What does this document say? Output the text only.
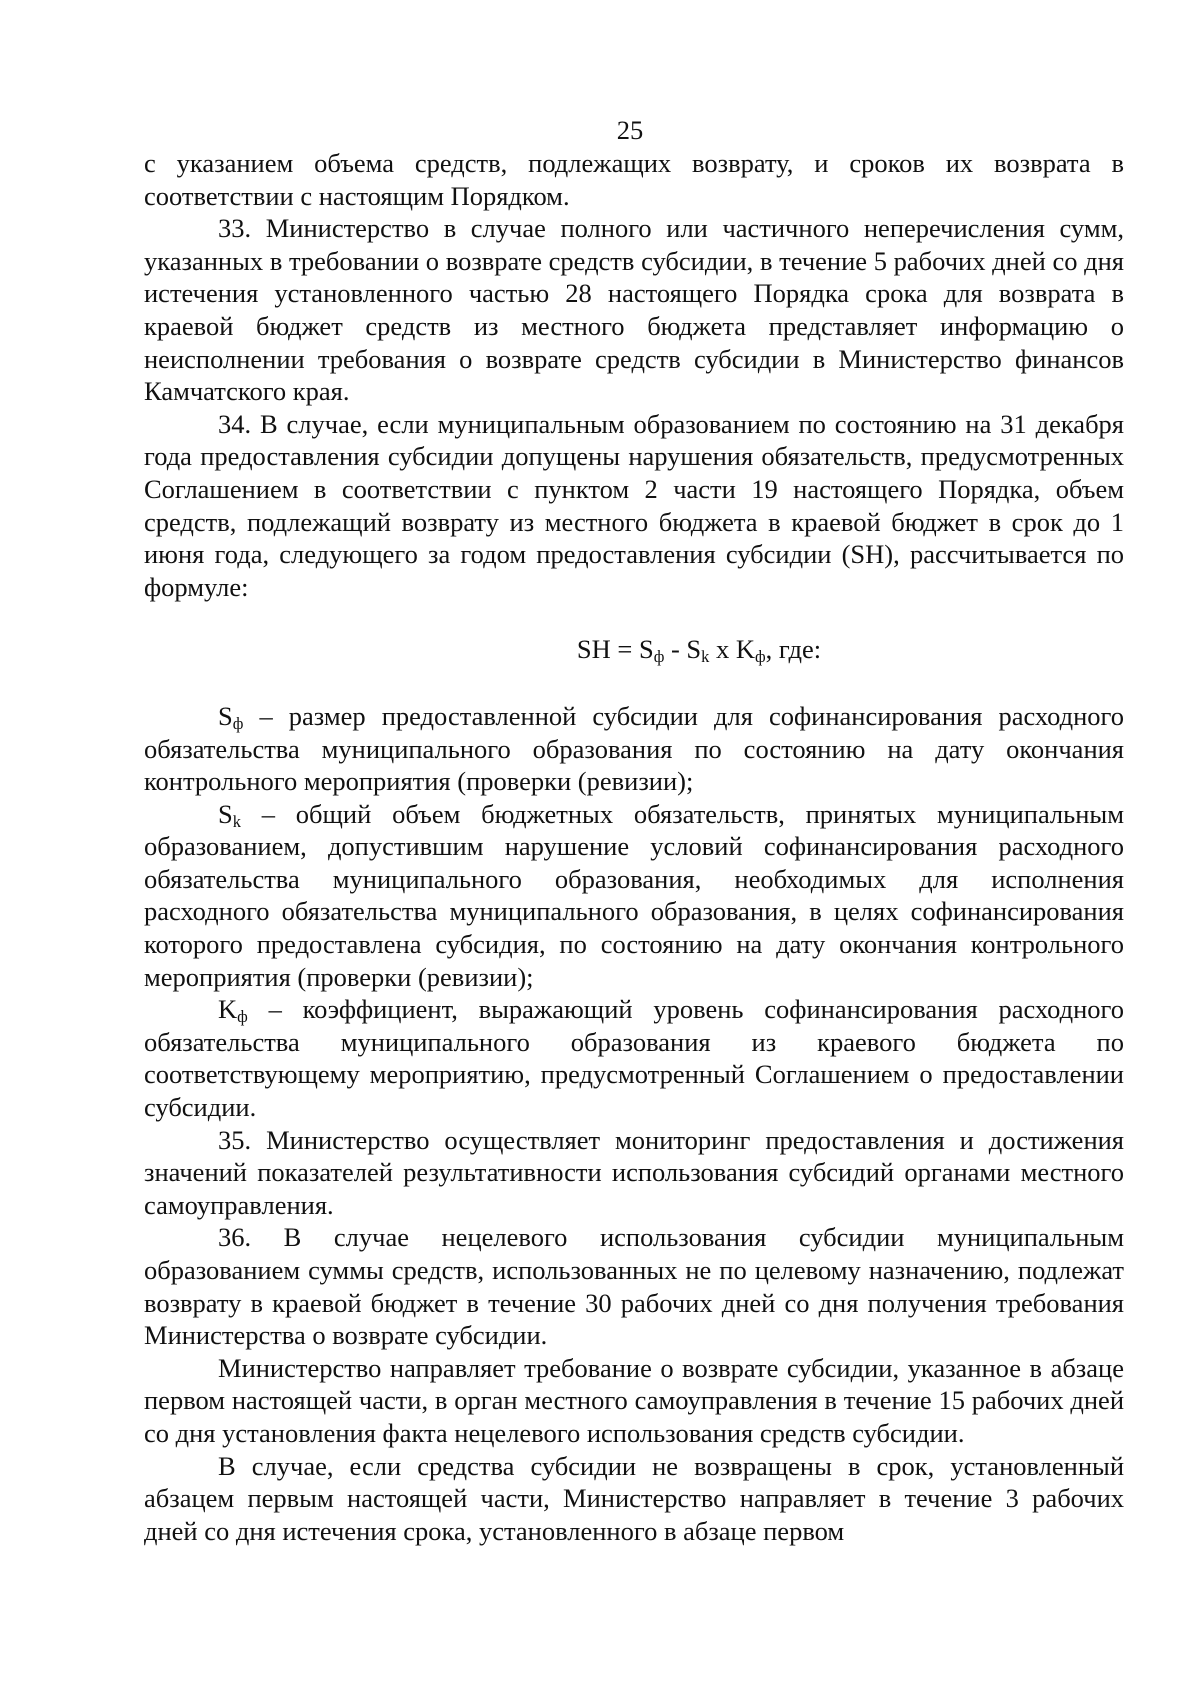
25

с указанием объема средств, подлежащих возврату, и сроков их возврата в соответствии с настоящим Порядком.

33. Министерство в случае полного или частичного неперечисления сумм, указанных в требовании о возврате средств субсидии, в течение 5 рабочих дней со дня истечения установленного частью 28 настоящего Порядка срока для возврата в краевой бюджет средств из местного бюджета представляет информацию о неисполнении требования о возврате средств субсидии в Министерство финансов Камчатского края.

34. В случае, если муниципальным образованием по состоянию на 31 декабря года предоставления субсидии допущены нарушения обязательств, предусмотренных Соглашением в соответствии с пунктом 2 части 19 настоящего Порядка, объем средств, подлежащий возврату из местного бюджета в краевой бюджет в срок до 1 июня года, следующего за годом предоставления субсидии (SH), рассчитывается по формуле:

SH = $S_ф - S_k$ x $K_ф$, где:

$S_ф$ – размер предоставленной субсидии для софинансирования расходного обязательства муниципального образования по состоянию на дату окончания контрольного мероприятия (проверки (ревизии);

$S_k$ – общий объем бюджетных обязательств, принятых муниципальным образованием, допустившим нарушение условий софинансирования расходного обязательства муниципального образования, необходимых для исполнения расходного обязательства муниципального образования, в целях софинансирования которого предоставлена субсидия, по состоянию на дату окончания контрольного мероприятия (проверки (ревизии);

$K_ф$ – коэффициент, выражающий уровень софинансирования расходного обязательства муниципального образования из краевого бюджета по соответствующему мероприятию, предусмотренный Соглашением о предоставлении субсидии.

35. Министерство осуществляет мониторинг предоставления и достижения значений показателей результативности использования субсидий органами местного самоуправления.

36. В случае нецелевого использования субсидии муниципальным образованием суммы средств, использованных не по целевому назначению, подлежат возврату в краевой бюджет в течение 30 рабочих дней со дня получения требования Министерства о возврате субсидии.

Министерство направляет требование о возврате субсидии, указанное в абзаце первом настоящей части, в орган местного самоуправления в течение 15 рабочих дней со дня установления факта нецелевого использования средств субсидии.

В случае, если средства субсидии не возвращены в срок, установленный абзацем первым настоящей части, Министерство направляет в течение 3 рабочих дней со дня истечения срока, установленного в абзаце первом
